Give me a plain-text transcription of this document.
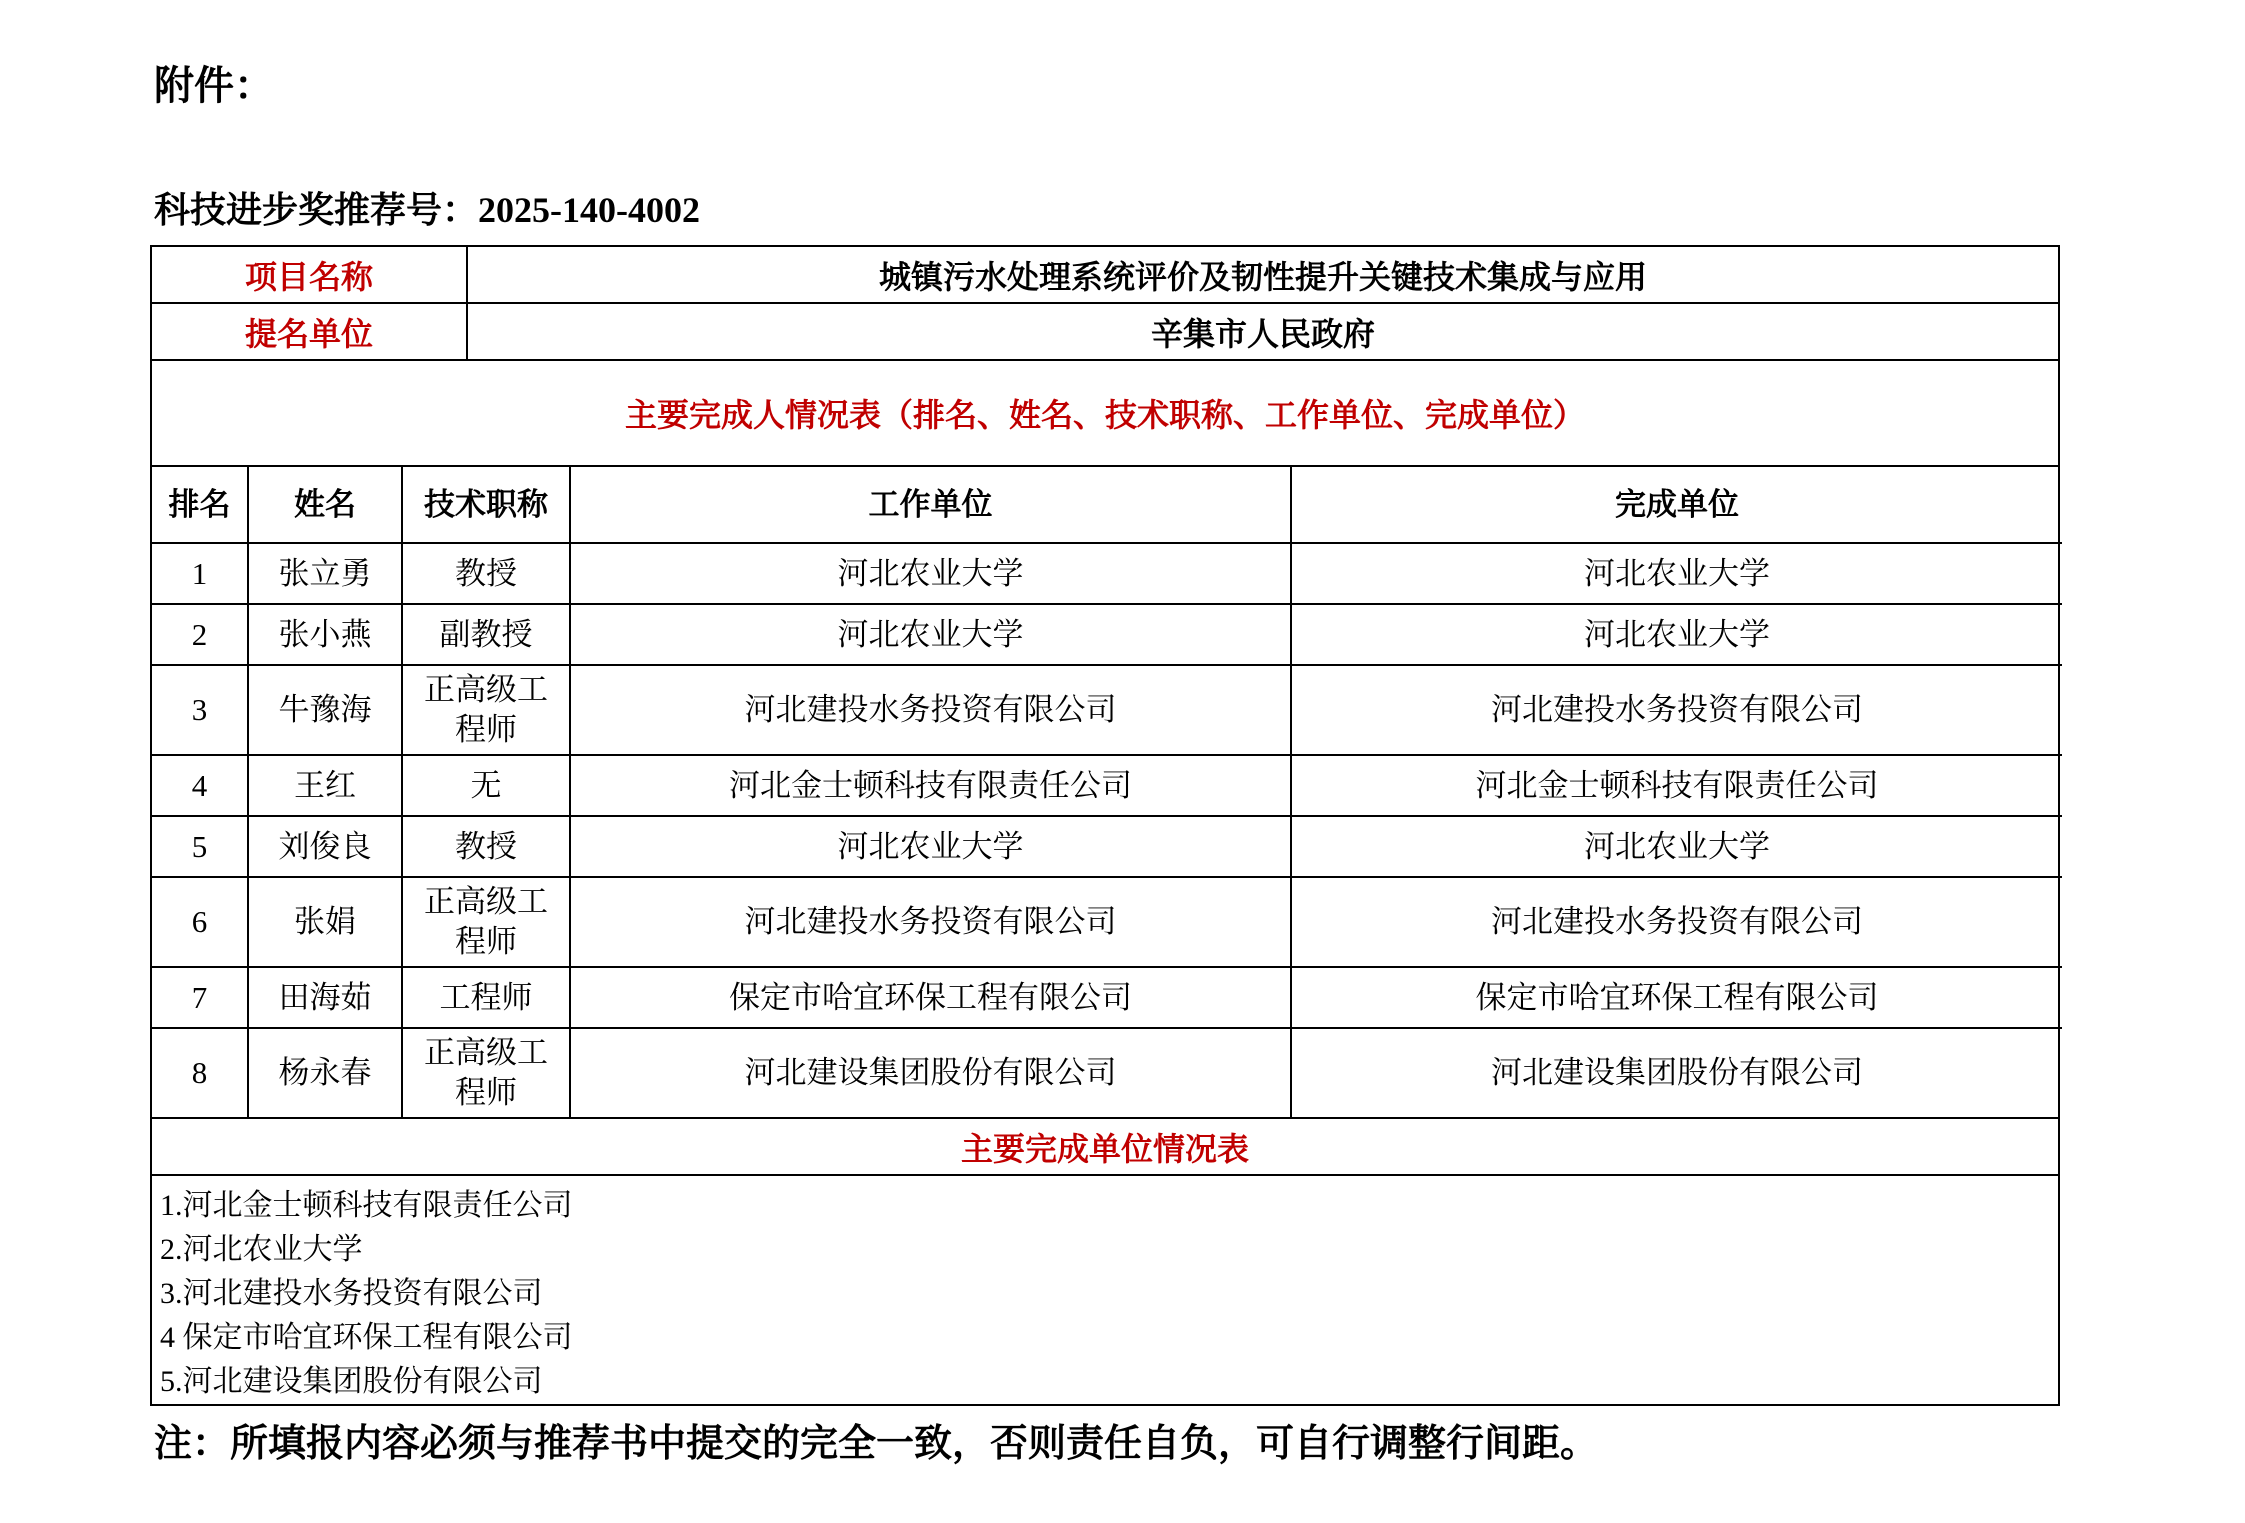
附件：
科技进步奖推荐号：2025-140-4002
项目名称	城镇污水处理系统评价及韧性提升关键技术集成与应用
提名单位	辛集市人民政府
主要完成人情况表（排名、姓名、技术职称、工作单位、完成单位）
排名	姓名	技术职称	工作单位	完成单位
1	张立勇	教授	河北农业大学	河北农业大学
2	张小燕	副教授	河北农业大学	河北农业大学
3	牛豫海	正高级工程师	河北建投水务投资有限公司	河北建投水务投资有限公司
4	王红	无	河北金士顿科技有限责任公司	河北金士顿科技有限责任公司
5	刘俊良	教授	河北农业大学	河北农业大学
6	张娟	正高级工程师	河北建投水务投资有限公司	河北建投水务投资有限公司
7	田海茹	工程师	保定市哈宜环保工程有限公司	保定市哈宜环保工程有限公司
8	杨永春	正高级工程师	河北建设集团股份有限公司	河北建设集团股份有限公司
主要完成单位情况表
1.河北金士顿科技有限责任公司
2.河北农业大学
3.河北建投水务投资有限公司
4 保定市哈宜环保工程有限公司
5.河北建设集团股份有限公司
注：所填报内容必须与推荐书中提交的完全一致，否则责任自负，可自行调整行间距。
